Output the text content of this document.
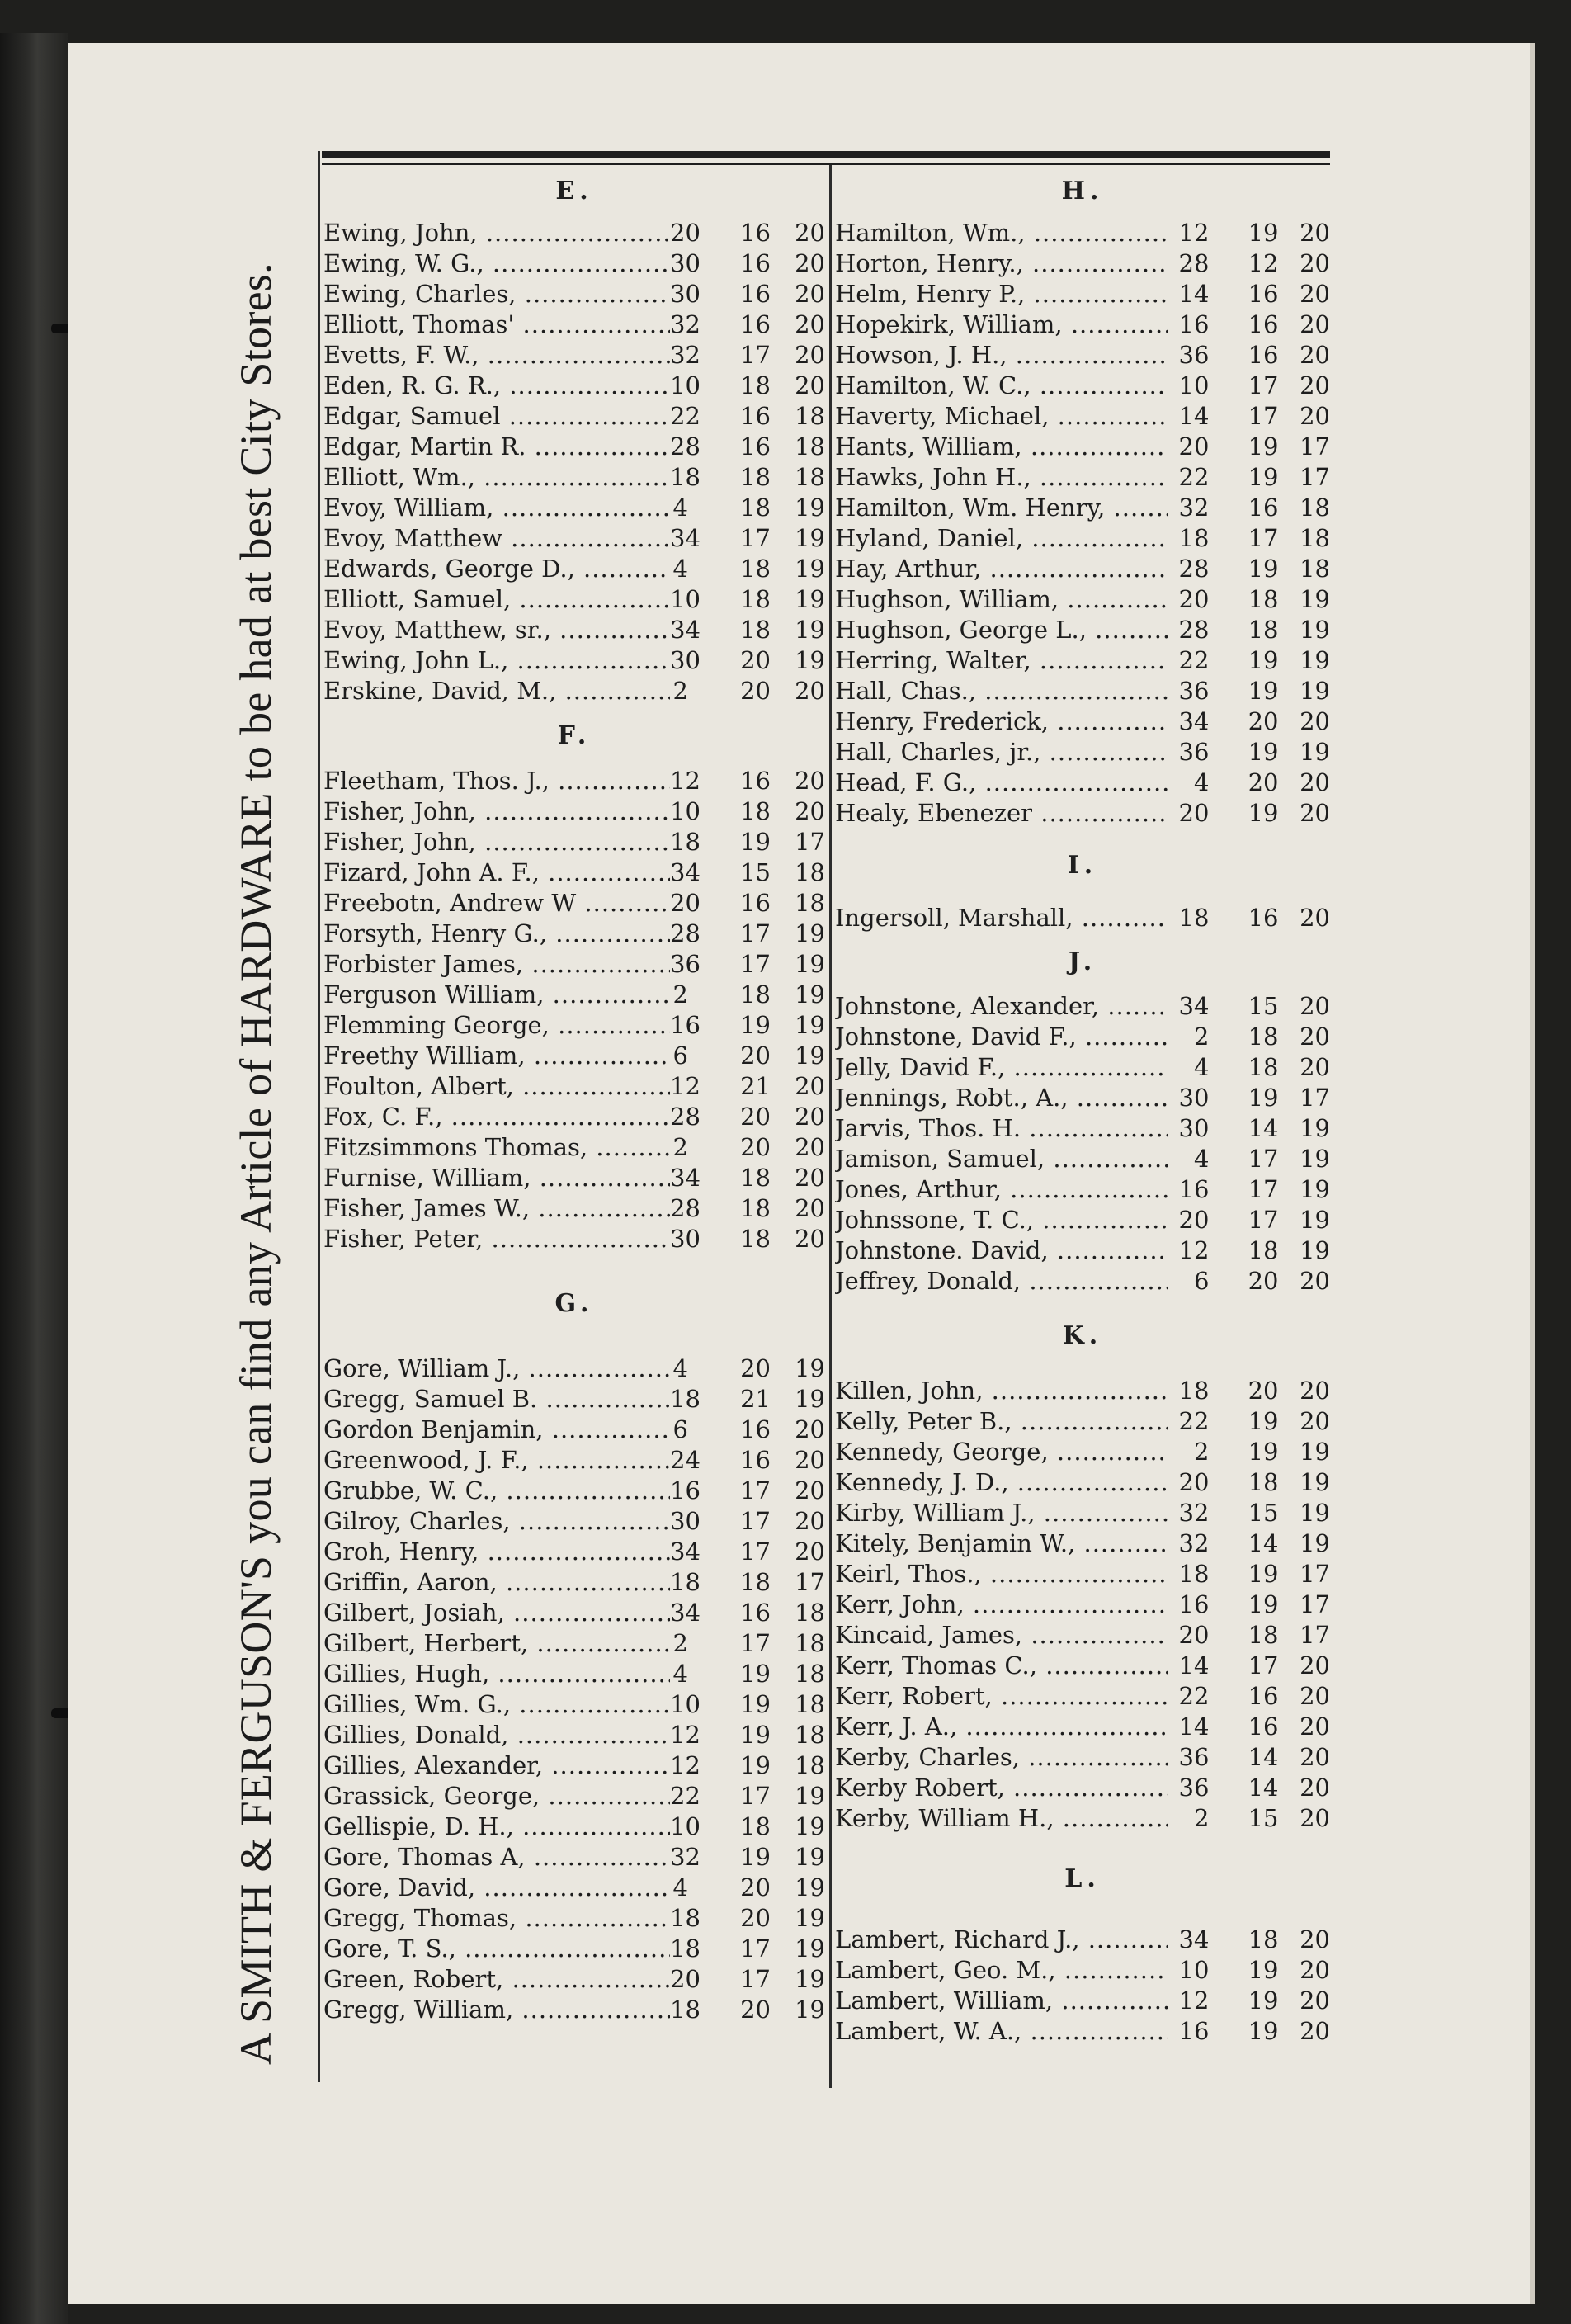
A SMITH & FERGUSON'S you can find any Article of HARDWARE to be had at best City Stores.
E.
Ewing, John, .....	20	16	20
Ewing, W. G., .....	30	16	20
Ewing, Charles, .....	30	16	20
Elliott, Thomas' .....	32	16	20
Evetts, F. W., .....	32	17	20
Eden, R. G. R., .....	10	18	20
Edgar, Samuel .....	22	16	18
Edgar, Martin R. .....	28	16	18
Elliott, Wm., .....	18	18	18
Evoy, William, .....	4	18	19
Evoy, Matthew .....	34	17	19
Edwards, George D., .....	4	18	19
Elliott, Samuel, .....	10	18	19
Evoy, Matthew, sr., .....	34	18	19
Ewing, John L., .....	30	20	19
Erskine, David, M., .....	2	20	20
F.
Fleetham, Thos. J., .....	12	16	20
Fisher, John, .....	10	18	20
Fisher, John, .....	18	19	17
Fizard, John A. F., .....	34	15	18
Freebotn, Andrew W .....	20	16	18
Forsyth, Henry G., .....	28	17	19
Forbister James, .....	36	17	19
Ferguson William, .....	2	18	19
Flemming George, .....	16	19	19
Freethy William, .....	6	20	19
Foulton, Albert, .....	12	21	20
Fox, C. F., .....	28	20	20
Fitzsimmons Thomas, .....	2	20	20
Furnise, William, .....	34	18	20
Fisher, James W., .....	28	18	20
Fisher, Peter, .....	30	18	20
G.
Gore, William J., .....	4	20	19
Gregg, Samuel B. .....	18	21	19
Gordon Benjamin, .....	6	16	20
Greenwood, J. F., .....	24	16	20
Grubbe, W. C., .....	16	17	20
Gilroy, Charles, .....	30	17	20
Groh, Henry, .....	34	17	20
Griffin, Aaron, .....	18	18	17
Gilbert, Josiah, .....	34	16	18
Gilbert, Herbert, .....	2	17	18
Gillies, Hugh, .....	4	19	18
Gillies, Wm. G., .....	10	19	18
Gillies, Donald, .....	12	19	18
Gillies, Alexander, .....	12	19	18
Grassick, George, .....	22	17	19
Gellispie, D. H., .....	10	18	19
Gore, Thomas A, .....	32	19	19
Gore, David, .....	4	20	19
Gregg, Thomas, .....	18	20	19
Gore, T. S., .....	18	17	19
Green, Robert, .....	20	17	19
Gregg, William, .....	18	20	19
H.
Hamilton, Wm., .....	12	19 20
Horton, Henry., .....	28	12 20
Helm, Henry P., .....	14	16 20
Hopekirk, William, .....	16	16 20
Howson, J. H., .....	36	16 20
Hamilton, W. C., .....	10	17 20
Haverty, Michael, .....	14	17 20
Hants, William, .....	20	19 17
Hawks, John H., .....	22	19 17
Hamilton, Wm. Henry, .....	32	16 18
Hyland, Daniel, .....	18	17 18
Hay, Arthur, .....	28	19 18
Hughson, William, .....	20	18 19
Hughson, George L., .....	28	18 19
Herring, Walter, .....	22	19 19
Hall, Chas., .....	36	19 19
Henry, Frederick, .....	34	20 20
Hall, Charles, jr., .....	36	19 19
Head, F. G., .....	4	20 20
Healy, Ebenezer .....	20	19 20
I.
Ingersoll, Marshall, .....	18	16 20
J.
Johnstone, Alexander, .....	34	15 20
Johnstone, David F., .....	2	18 20
Jelly, David F., .....	4	18 20
Jennings, Robt., A., .....	30	19 17
Jarvis, Thos. H. .....	30	14 19
Jamison, Samuel, .....	4	17 19
Jones, Arthur, .....	16	17 19
Johnssone, T. C., .....	20	17 19
Johnstone. David, .....	12	18 19
Jeffrey, Donald, .....	6	20 20
K.
Killen, John, .....	18	20 20
Kelly, Peter B., .....	22	19 20
Kennedy, George, .....	2	19 19
Kennedy, J. D., .....	20	18 19
Kirby, William J., .....	32	15 19
Kitely, Benjamin W., .....	32	14 19
Keirl, Thos., .....	18	19 17
Kerr, John, .....	16	19 17
Kincaid, James, .....	20	18 17
Kerr, Thomas C., .....	14	17 20
Kerr, Robert, .....	22	16 20
Kerr, J. A., .....	14	16 20
Kerby, Charles, .....	36	14 20
Kerby Robert, .....	36	14 20
Kerby, William H., .....	2	15 20
L.
Lambert, Richard J., .....	34	18 20
Lambert, Geo. M., .....	10	19 20
Lambert, William, .....	12	19 20
Lambert, W. A., .....	16	19 20
